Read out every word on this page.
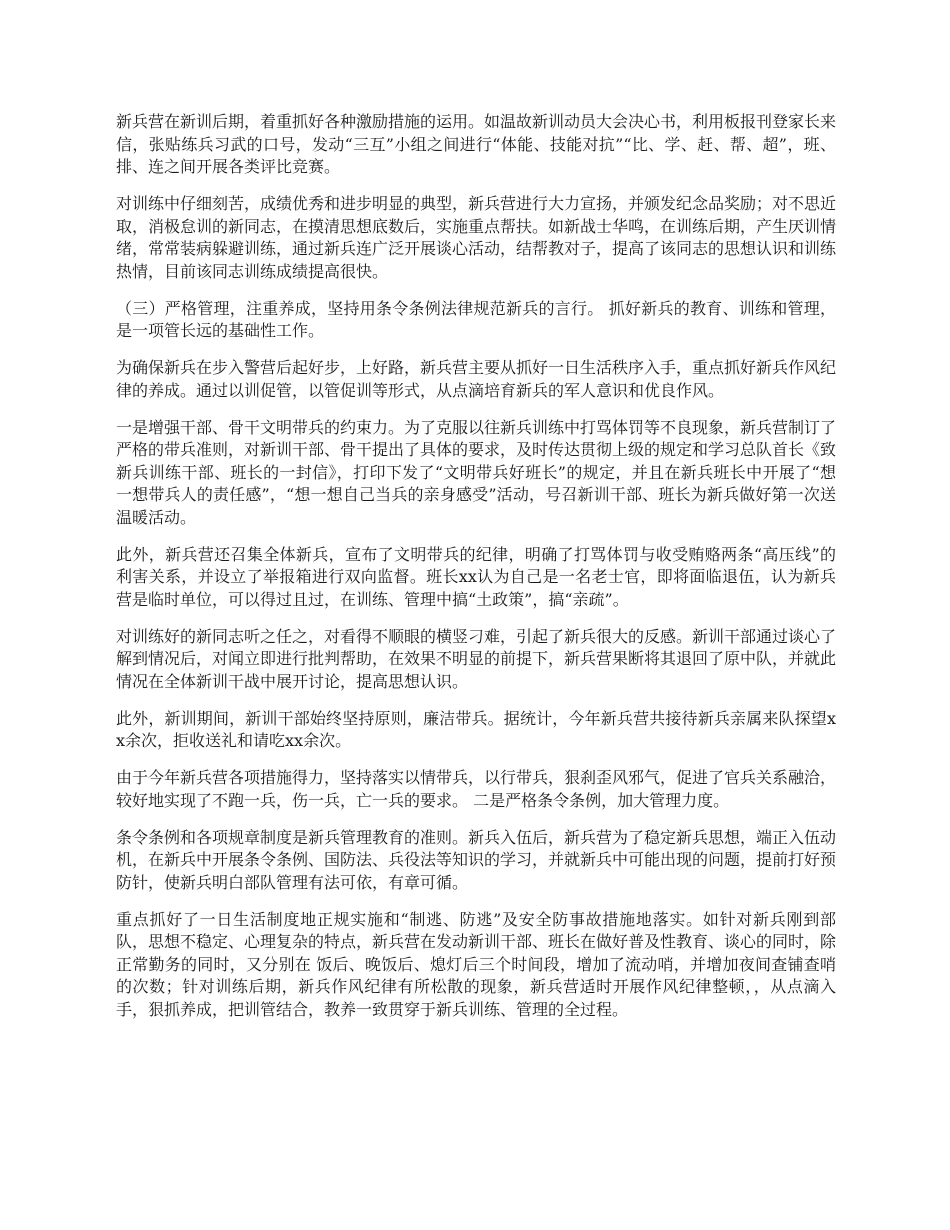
新兵营在新训后期，着重抓好各种激励措施的运用。如温故新训动员大会决心书，利用板报刊登家长来信，张贴练兵习武的口号，发动“三互”小组之间进行“体能、技能对抗”“比、学、赶、帮、超”，班、排、连之间开展各类评比竞赛。

对训练中仔细刻苦，成绩优秀和进步明显的典型，新兵营进行大力宣扬，并颁发纪念品奖励；对不思近取，消极怠训的新同志，在摸清思想底数后，实施重点帮扶。如新战士华鸣，在训练后期，产生厌训情绪，常常装病躲避训练，通过新兵连广泛开展谈心活动，结帮教对子，提高了该同志的思想认识和训练热情，目前该同志训练成绩提高很快。

（三）严格管理，注重养成，坚持用条令条例法律规范新兵的言行。 抓好新兵的教育、训练和管理，是一项管长远的基础性工作。

为确保新兵在步入警营后起好步，上好路，新兵营主要从抓好一日生活秩序入手，重点抓好新兵作风纪律的养成。通过以训促管，以管促训等形式，从点滴培育新兵的军人意识和优良作风。

一是增强干部、骨干文明带兵的约束力。为了克服以往新兵训练中打骂体罚等不良现象，新兵营制订了严格的带兵准则，对新训干部、骨干提出了具体的要求，及时传达贯彻上级的规定和学习总队首长《致新兵训练干部、班长的一封信》，打印下发了“文明带兵好班长”的规定，并且在新兵班长中开展了“想一想带兵人的责任感”，“想一想自己当兵的亲身感受”活动，号召新训干部、班长为新兵做好第一次送温暖活动。

此外，新兵营还召集全体新兵，宣布了文明带兵的纪律，明确了打骂体罚与收受贿赂两条“高压线”的利害关系，并设立了举报箱进行双向监督。班长xx认为自己是一名老士官，即将面临退伍，认为新兵营是临时单位，可以得过且过，在训练、管理中搞“土政策”，搞“亲疏”。

对训练好的新同志听之任之，对看得不顺眼的横竖刁难，引起了新兵很大的反感。新训干部通过谈心了解到情况后，对闻立即进行批判帮助，在效果不明显的前提下，新兵营果断将其退回了原中队，并就此情况在全体新训干战中展开讨论，提高思想认识。

此外，新训期间，新训干部始终坚持原则，廉洁带兵。据统计，今年新兵营共接待新兵亲属来队探望xx余次，拒收送礼和请吃xx余次。

由于今年新兵营各项措施得力，坚持落实以情带兵，以行带兵，狠刹歪风邪气，促进了官兵关系融洽，较好地实现了不跑一兵，伤一兵，亡一兵的要求。 二是严格条令条例，加大管理力度。

条令条例和各项规章制度是新兵管理教育的准则。新兵入伍后，新兵营为了稳定新兵思想，端正入伍动机，在新兵中开展条令条例、国防法、兵役法等知识的学习，并就新兵中可能出现的问题，提前打好预防针，使新兵明白部队管理有法可依，有章可循。

重点抓好了一日生活制度地正规实施和“制逃、防逃”及安全防事故措施地落实。如针对新兵刚到部队，思想不稳定、心理复杂的特点，新兵营在发动新训干部、班长在做好普及性教育、谈心的同时，除正常勤务的同时，又分别在 饭后、晚饭后、熄灯后三个时间段，增加了流动哨，并增加夜间查铺查哨的次数；针对训练后期，新兵作风纪律有所松散的现象，新兵营适时开展作风纪律整顿，，从点滴入手，狠抓养成，把训管结合，教养一致贯穿于新兵训练、管理的全过程。
